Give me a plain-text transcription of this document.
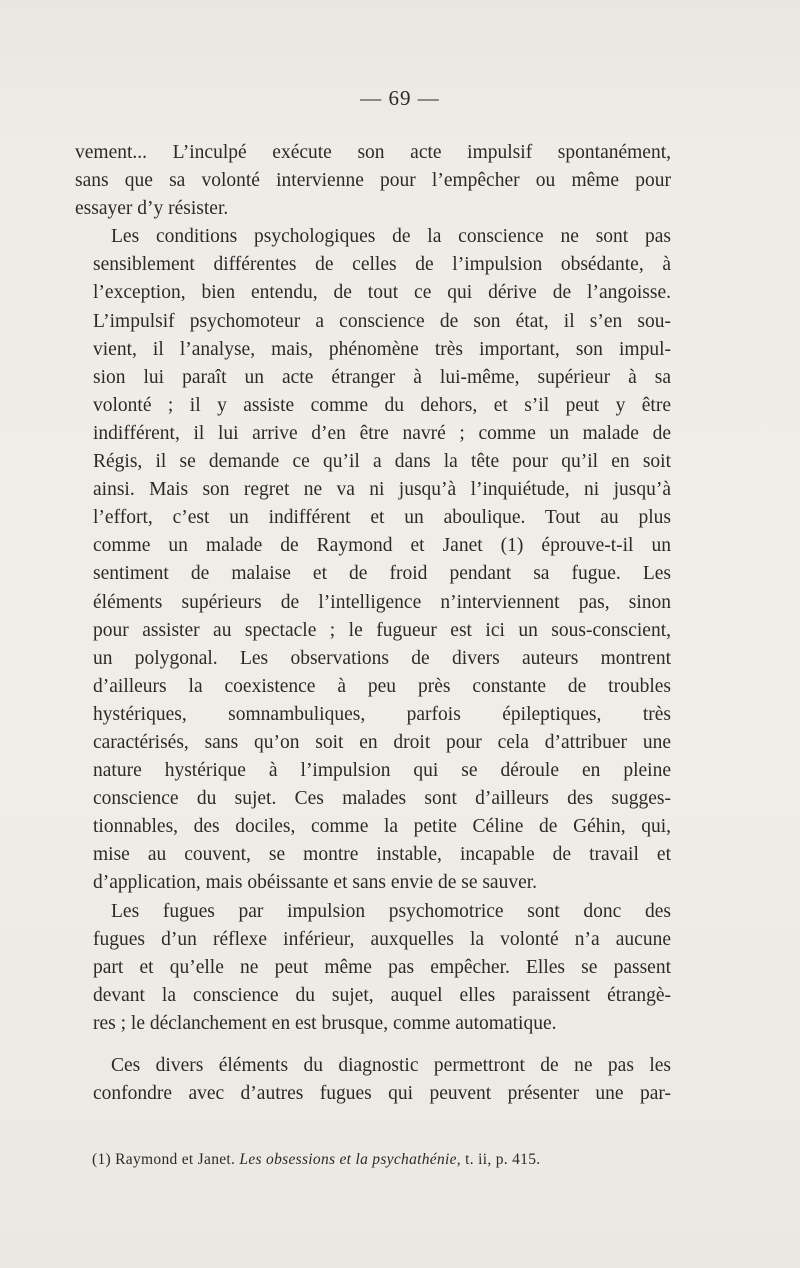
— 69 —

vement... L’inculpé exécute son acte impulsif spontanément,
sans que sa volonté intervienne pour l’empêcher ou même pour
essayer d’y résister.

Les conditions psychologiques de la conscience ne sont pas
sensiblement différentes de celles de l’impulsion obsédante, à
l’exception, bien entendu, de tout ce qui dérive de l’angoisse.
L’impulsif psychomoteur a conscience de son état, il s’en sou-
vient, il l’analyse, mais, phénomène très important, son impul-
sion lui paraît un acte étranger à lui-même, supérieur à sa
volonté ; il y assiste comme du dehors, et s’il peut y être
indifférent, il lui arrive d’en être navré ; comme un malade de
Régis, il se demande ce qu’il a dans la tête pour qu’il en soit
ainsi. Mais son regret ne va ni jusqu’à l’inquiétude, ni jusqu’à
l’effort, c’est un indifférent et un aboulique. Tout au plus
comme un malade de Raymond et Janet (1) éprouve-t-il un
sentiment de malaise et de froid pendant sa fugue. Les
éléments supérieurs de l’intelligence n’interviennent pas, sinon
pour assister au spectacle ; le fugueur est ici un sous-conscient,
un polygonal. Les observations de divers auteurs montrent
d’ailleurs la coexistence à peu près constante de troubles
hystériques, somnambuliques, parfois épileptiques, très
caractérisés, sans qu’on soit en droit pour cela d’attribuer une
nature hystérique à l’impulsion qui se déroule en pleine
conscience du sujet. Ces malades sont d’ailleurs des sugges-
tionnables, des dociles, comme la petite Céline de Géhin, qui,
mise au couvent, se montre instable, incapable de travail et
d’application, mais obéissante et sans envie de se sauver.

Les fugues par impulsion psychomotrice sont donc des
fugues d’un réflexe inférieur, auxquelles la volonté n’a aucune
part et qu’elle ne peut même pas empêcher. Elles se passent
devant la conscience du sujet, auquel elles paraissent étrangè-
res ; le déclanchement en est brusque, comme automatique.

Ces divers éléments du diagnostic permettront de ne pas les
confondre avec d’autres fugues qui peuvent présenter une par-

(1) Raymond et Janet. Les obsessions et la psychathénie, t. ii, p. 415.
